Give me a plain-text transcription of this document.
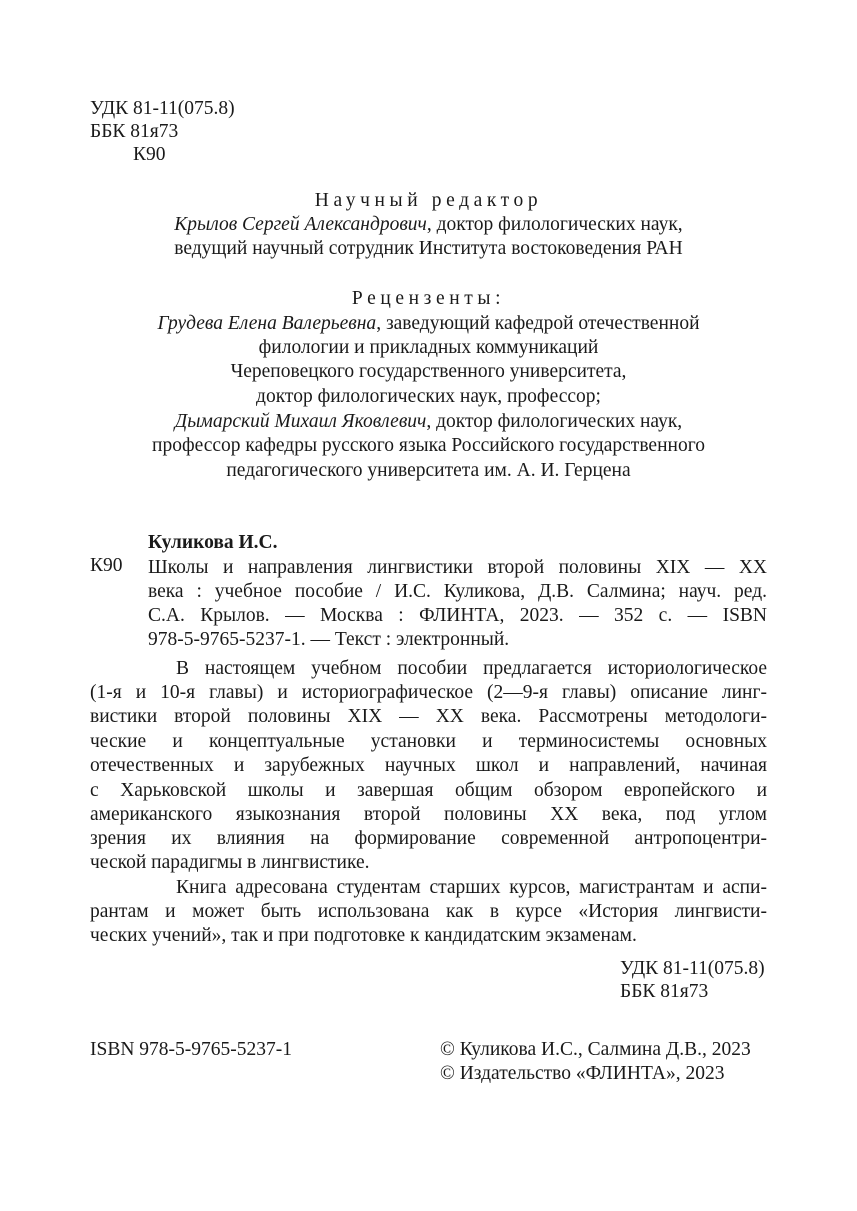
УДК 81-11(075.8)
ББК 81я73
К90
Научный редактор
Крылов Сергей Александрович, доктор филологических наук,
ведущий научный сотрудник Института востоковедения РАН
Рецензенты:
Грудева Елена Валерьевна, заведующий кафедрой отечественной
филологии и прикладных коммуникаций
Череповецкого государственного университета,
доктор филологических наук, профессор;
Дымарский Михаил Яковлевич, доктор филологических наук,
профессор кафедры русского языка Российского государственного
педагогического университета им. А. И. Герцена
Куликова И.С.
К90 Школы и направления лингвистики второй половины XIX — XX
века : учебное пособие / И.С. Куликова, Д.В. Салмина; науч. ред.
С.А. Крылов. — Москва : ФЛИНТА, 2023. — 352 с. — ISBN
978-5-9765-5237-1. — Текст : электронный.
В настоящем учебном пособии предлагается историологическое
(1-я и 10-я главы) и историографическое (2—9-я главы) описание линг-
вистики второй половины XIX — XX века. Рассмотрены методологи-
ческие и концептуальные установки и терминосистемы основных
отечественных и зарубежных научных школ и направлений, начиная
с Харьковской школы и завершая общим обзором европейского и
американского языкознания второй половины XX века, под углом
зрения их влияния на формирование современной антропоцентри-
ческой парадигмы в лингвистике.
Книга адресована студентам старших курсов, магистрантам и аспи-
рантам и может быть использована как в курсе «История лингвисти-
ческих учений», так и при подготовке к кандидатским экзаменам.
УДК 81-11(075.8)
ББК 81я73
ISBN 978-5-9765-5237-1	© Куликова И.С., Салмина Д.В., 2023
© Издательство «ФЛИНТА», 2023
